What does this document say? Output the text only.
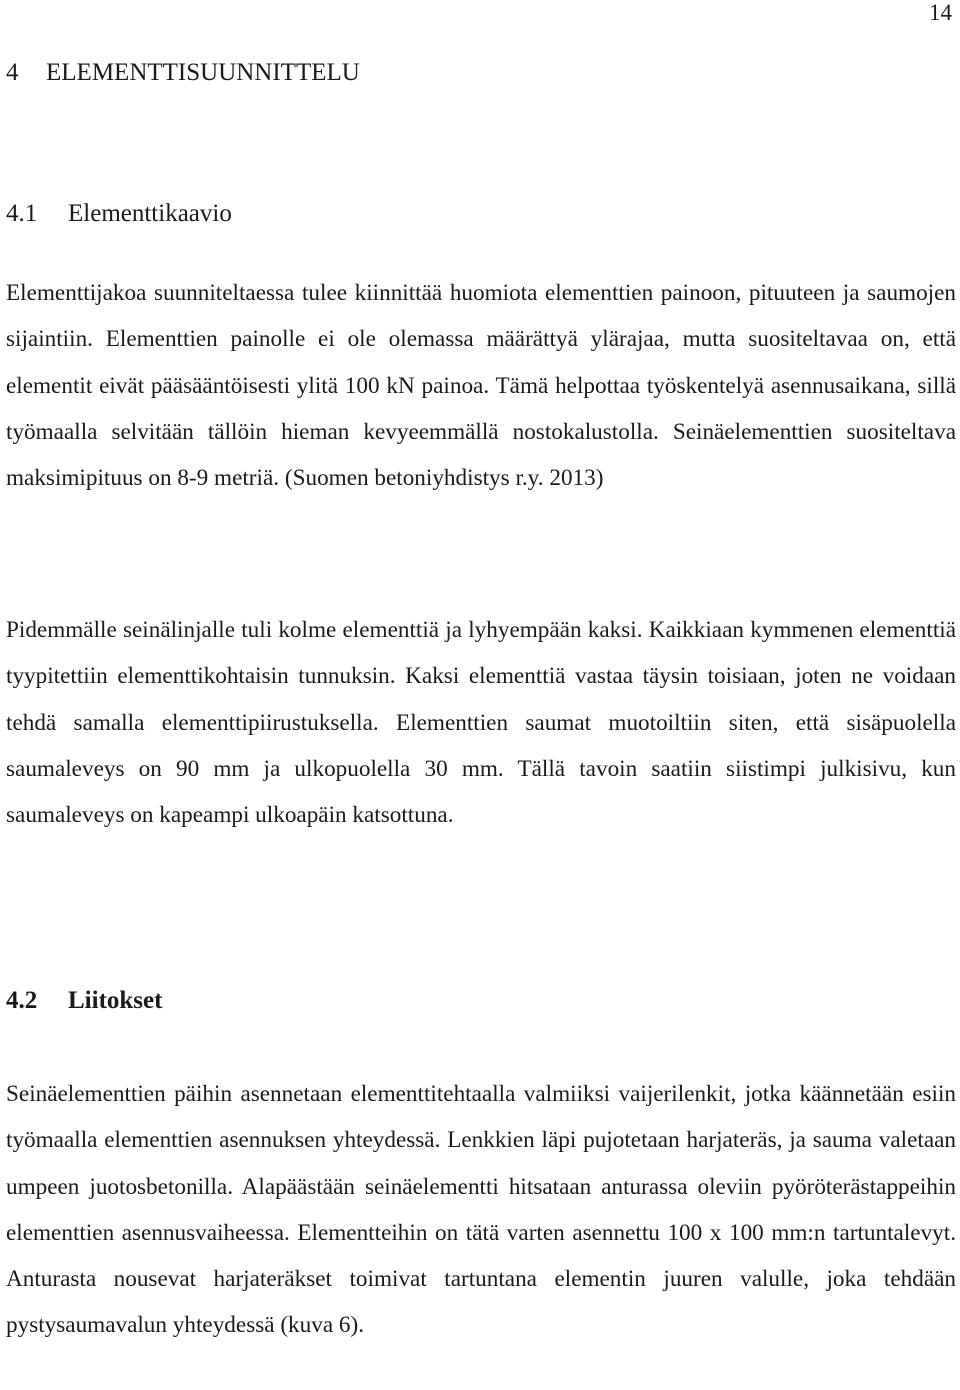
14
4 ELEMENTTISUUNNITTELU
4.1 Elementtikaavio

Elementtijakoa suunniteltaessa tulee kiinnittää huomiota elementtien painoon, pituuteen ja saumojen sijaintiin. Elementtien painolle ei ole olemassa määrättyä ylärajaa, mutta suositeltavaa on, että elementit eivät pääsääntöisesti ylitä 100 kN painoa. Tämä helpottaa työskentelyä asennusaikana, sillä työmaalla selvitään tällöin hieman kevyeemmällä nostokalustolla. Seinäelementtien suositeltava maksimipituus on 8-9 metriä. (Suomen betoniyhdistys r.y. 2013)

Pidemmälle seinälinjalle tuli kolme elementtiä ja lyhyempään kaksi. Kaikkiaan kymmenen elementtiä tyypitettiin elementtikohtaisin tunnuksin. Kaksi elementtiä vastaa täysin toisiaan, joten ne voidaan tehdä samalla elementtipiirustuksella. Elementtien saumat muotoiltiin siten, että sisäpuolella saumaleveys on 90 mm ja ulkopuolella 30 mm. Tällä tavoin saatiin siistimpi julkisivu, kun saumaleveys on kapeampi ulkoapäin katsottuna.

4.2 Liitokset

Seinäelementtien päihin asennetaan elementtitehtaalla valmiiksi vaijerilenkit, jotka käännetään esiin työmaalla elementtien asennuksen yhteydessä. Lenkkien läpi pujotetaan harjateräs, ja sauma valetaan umpeen juotosbetonilla. Alapäästään seinäelementti hitsataan anturassa oleviin pyöröterästappeihin elementtien asennusvaiheessa. Elementteihin on tätä varten asennettu 100 x 100 mm:n tartuntalevyt. Anturasta nousevat harjateräkset toimivat tartuntana elementin juuren valulle, joka tehdään pystysaumavalun yhteydessä (kuva 6).
